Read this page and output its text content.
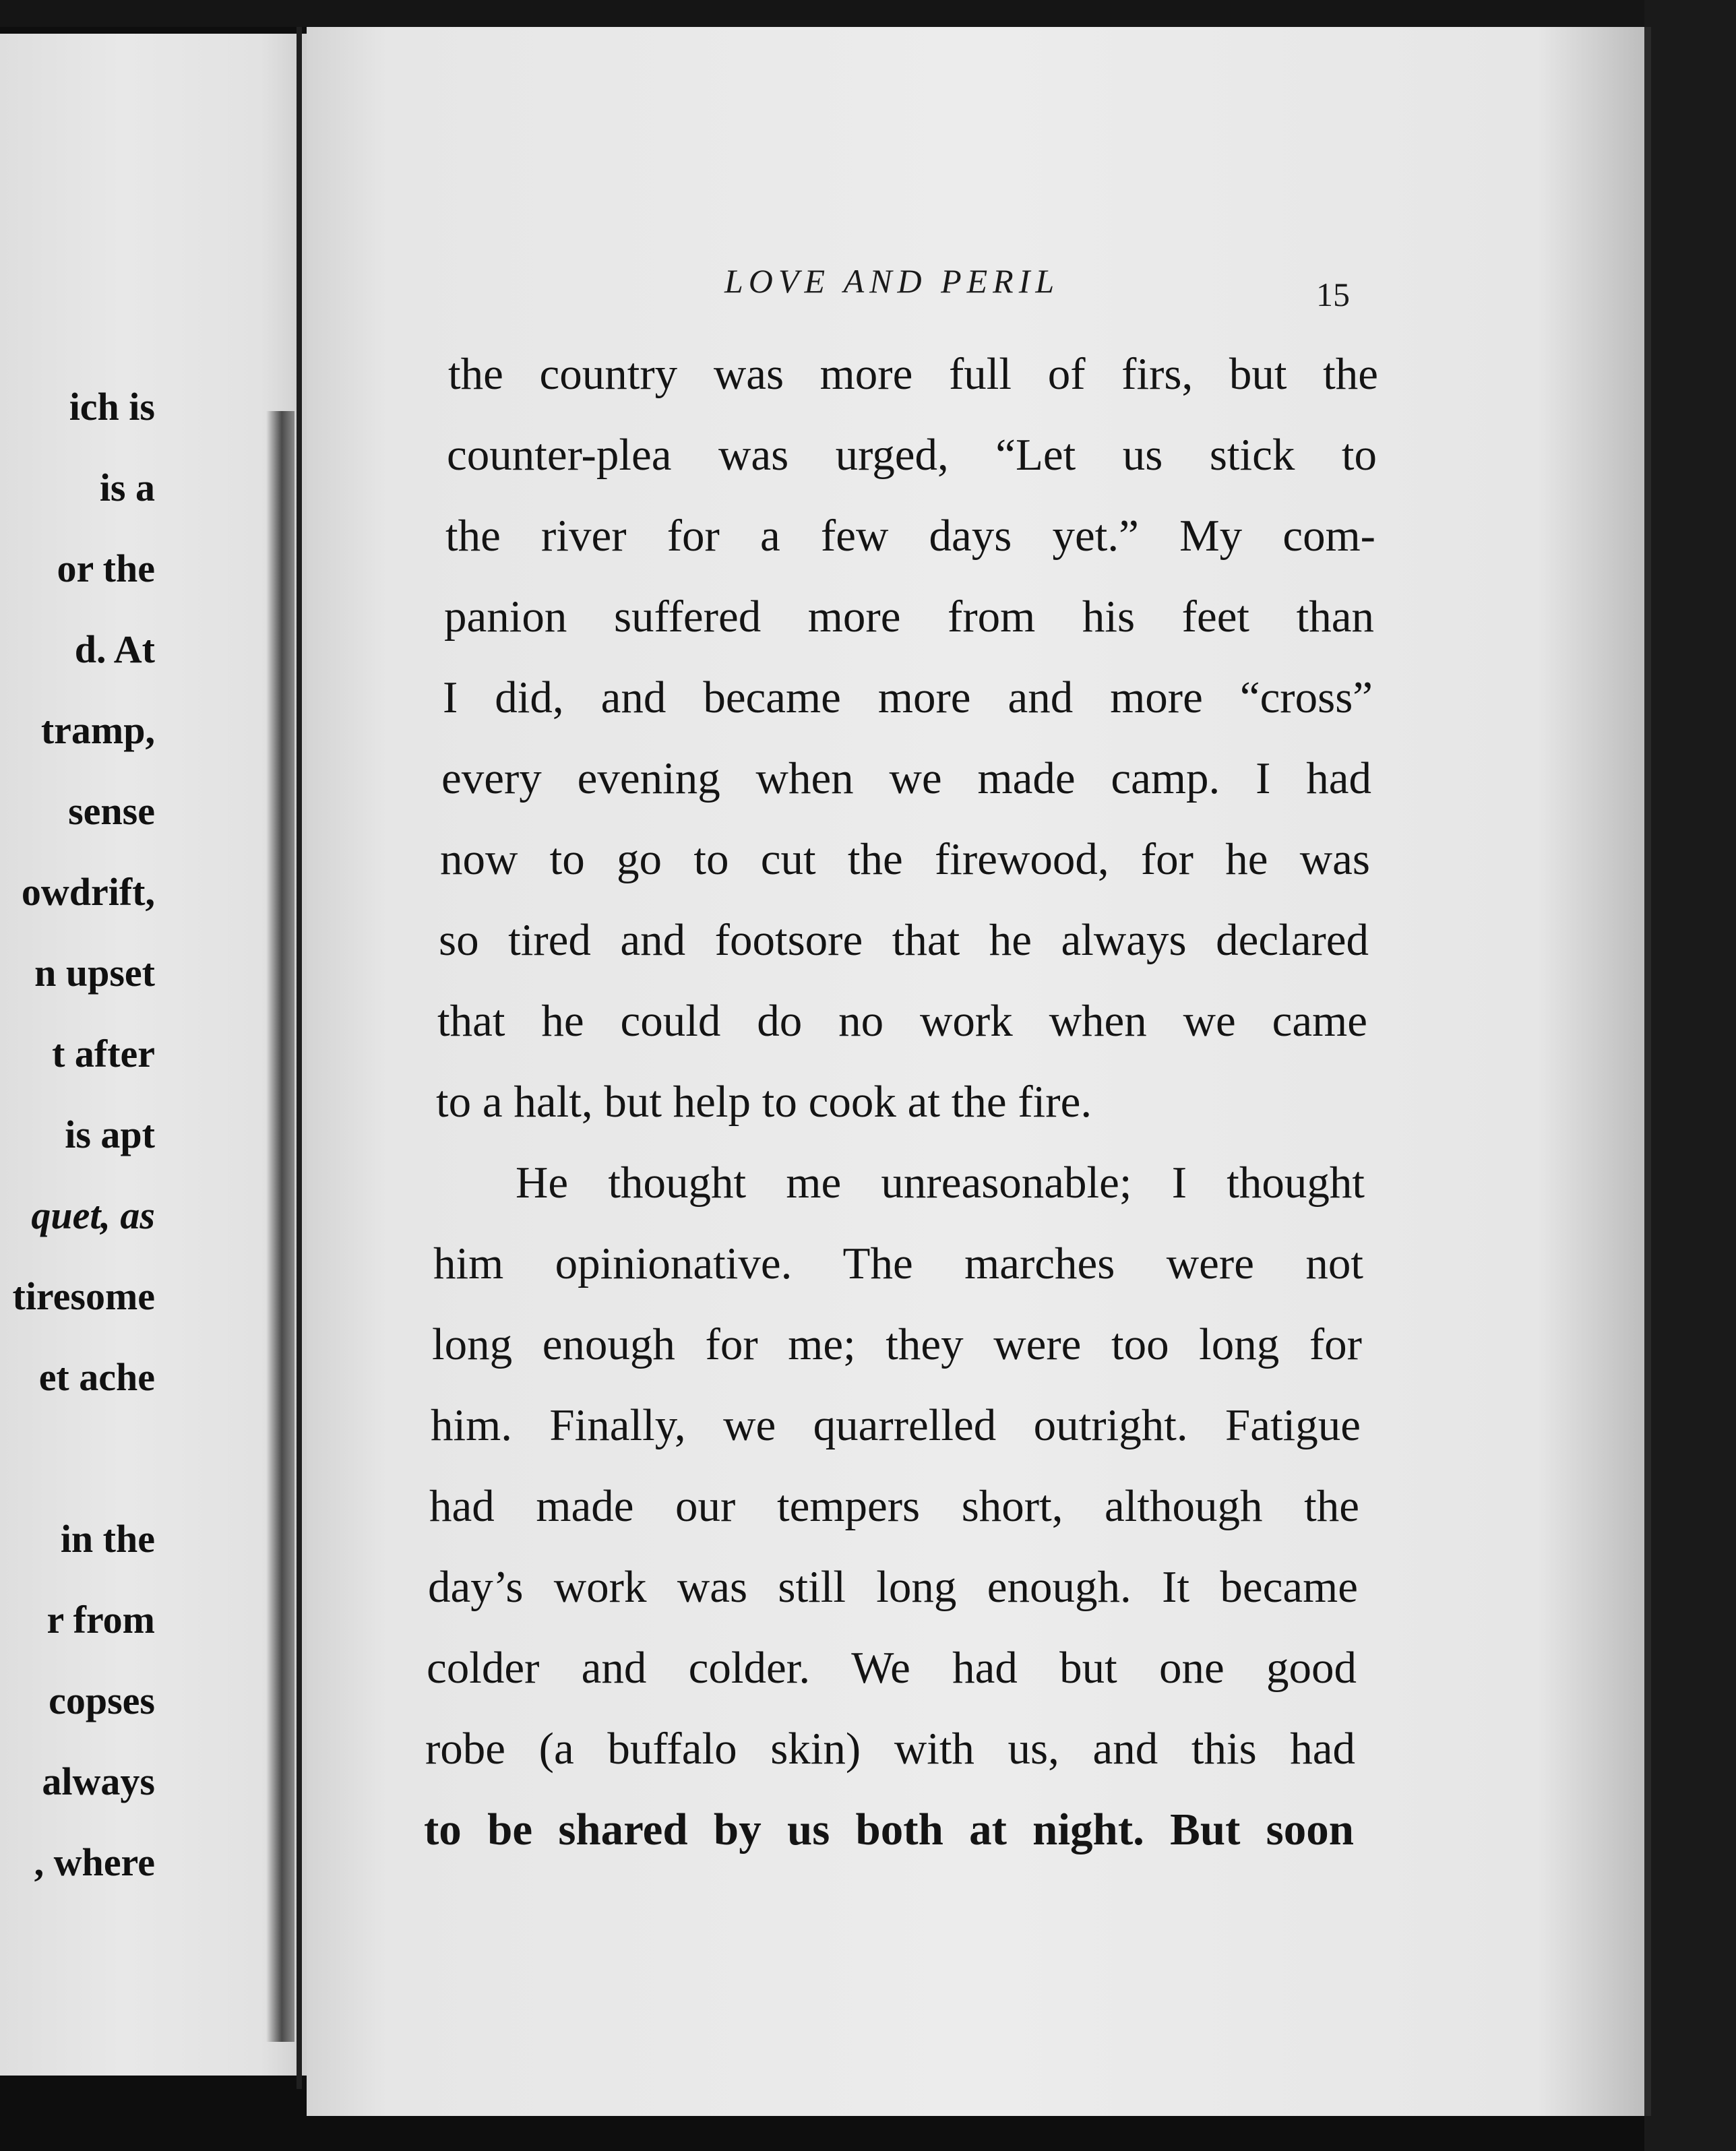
ich is
is a
or the
d. At
tramp,
sense
owdrift,
n upset
t after
is apt
quet, as
tiresome
et ache
in the
r from
copses
always
, where
LOVE AND PERIL	15
the country was more full of firs, but the
counter-plea was urged, “Let us stick to
the river for a few days yet.” My com-
panion suffered more from his feet than
I did, and became more and more “cross”
every evening when we made camp. I had
now to go to cut the firewood, for he was
so tired and footsore that he always declared
that he could do no work when we came
to a halt, but help to cook at the fire.
He thought me unreasonable; I thought
him opinionative. The marches were not
long enough for me; they were too long for
him. Finally, we quarrelled outright. Fatigue
had made our tempers short, although the
day’s work was still long enough. It became
colder and colder. We had but one good
robe (a buffalo skin) with us, and this had
to be shared by us both at night. But soon
